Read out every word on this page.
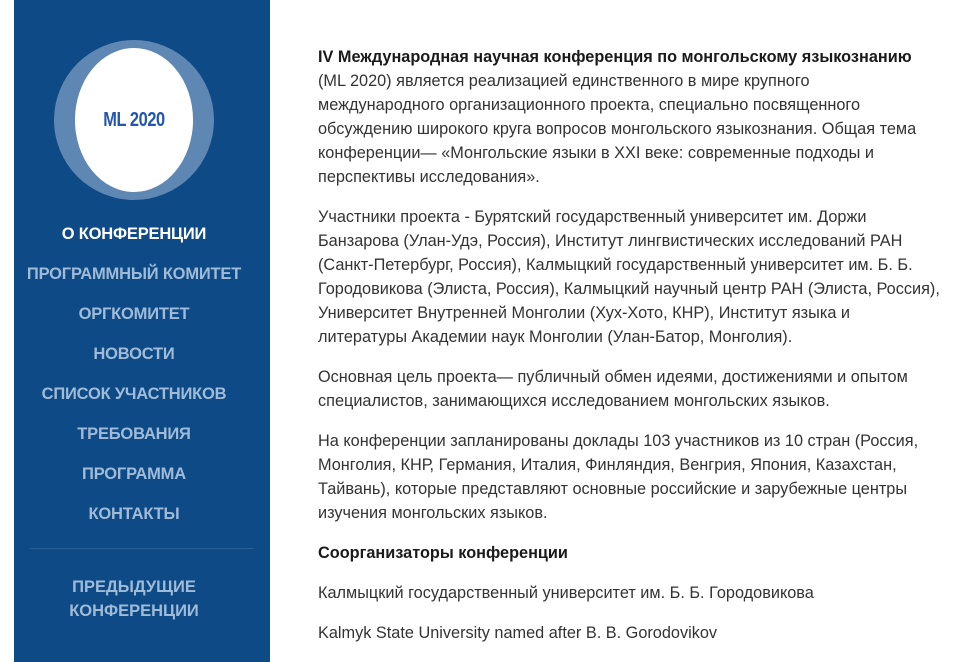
ML 2020
О КОНФЕРЕНЦИИ
ПРОГРАММНЫЙ КОМИТЕТ
ОРГКОМИТЕТ
НОВОСТИ
СПИСОК УЧАСТНИКОВ
ТРЕБОВАНИЯ
ПРОГРАММА
КОНТАКТЫ
ПРЕДЫДУЩИЕ
КОНФЕРЕНЦИИ

IV Международная научная конференция по монгольскому языкознанию (ML 2020) является реализацией единственного в мире крупного международного организационного проекта, специально посвященного обсуждению широкого круга вопросов монгольского языкознания. Общая тема конференции— «Монгольские языки в XXI веке: современные подходы и перспективы исследования».

Участники проекта - Бурятский государственный университет им. Доржи Банзарова (Улан-Удэ, Россия), Институт лингвистических исследований РАН (Санкт-Петербург, Россия), Калмыцкий государственный университет им. Б. Б. Городовикова (Элиста, Россия), Калмыцкий научный центр РАН (Элиста, Россия), Университет Внутренней Монголии (Хух-Хото, КНР), Институт языка и литературы Академии наук Монголии (Улан-Батор, Монголия).

Основная цель проекта— публичный обмен идеями, достижениями и опытом специалистов, занимающихся исследованием монгольских языков.

На конференции запланированы доклады 103 участников из 10 стран (Россия, Монголия, КНР, Германия, Италия, Финляндия, Венгрия, Япония, Казахстан, Тайвань), которые представляют основные российские и зарубежные центры изучения монгольских языков.

Соорганизаторы конференции

Калмыцкий государственный университет им. Б. Б. Городовикова

Kalmyk State University named after B. B. Gorodovikov
